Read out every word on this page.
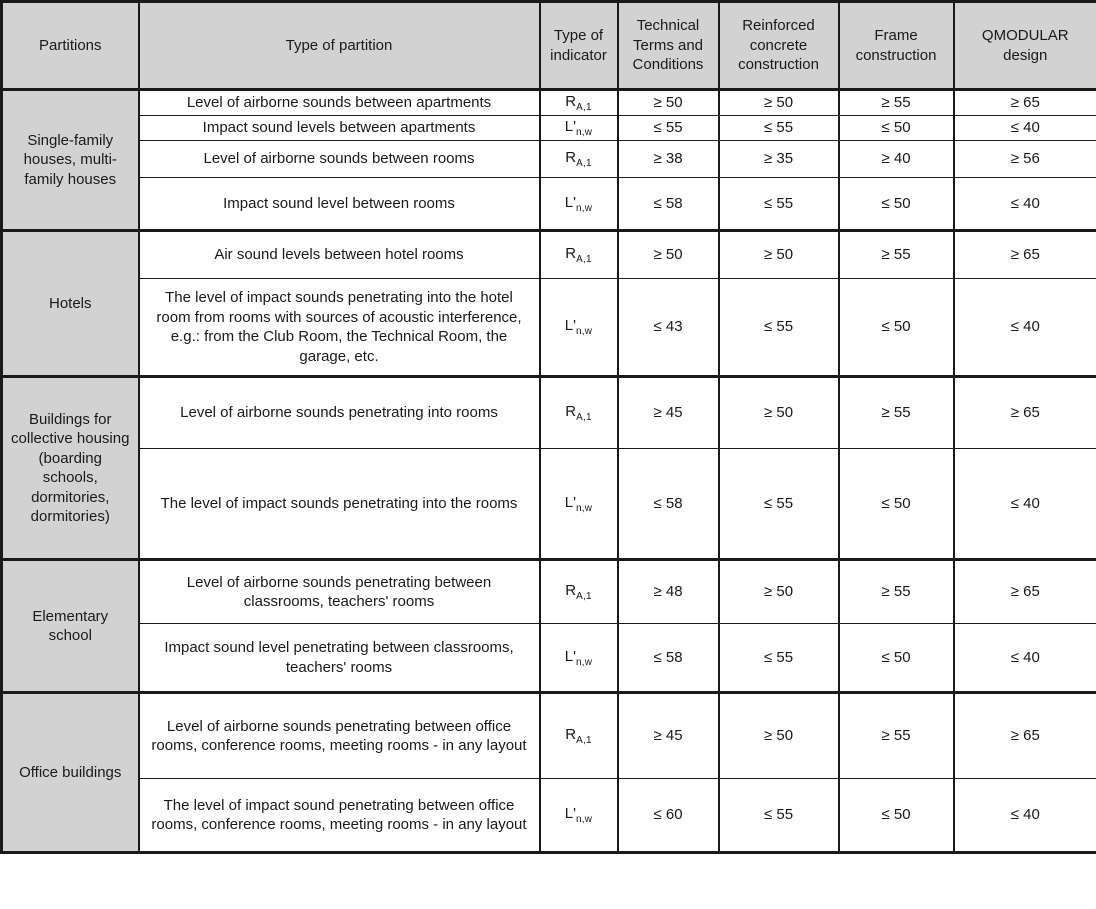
Partitions	Type of partition	Type of indicator	Technical Terms and Conditions	Reinforced concrete construction	Frame construction	QMODULAR design
Single-family houses, multi-family houses	Level of airborne sounds between apartments	$R_{A,1}$	≥ 50	≥ 50	≥ 55	≥ 65
	Impact sound levels between apartments	$L'_{n,w}$	≤ 55	≤ 55	≤ 50	≤ 40
	Level of airborne sounds between rooms	$R_{A,1}$	≥ 38	≥ 35	≥ 40	≥ 56
	Impact sound level between rooms	$L'_{n,w}$	≤ 58	≤ 55	≤ 50	≤ 40
Hotels	Air sound levels between hotel rooms	$R_{A,1}$	≥ 50	≥ 50	≥ 55	≥ 65
	The level of impact sounds penetrating into the hotel room from rooms with sources of acoustic interference, e.g.: from the Club Room, the Technical Room, the garage, etc.	$L'_{n,w}$	≤ 43	≤ 55	≤ 50	≤ 40
Buildings for collective housing (boarding schools, dormitories, dormitories)	Level of airborne sounds penetrating into rooms	$R_{A,1}$	≥ 45	≥ 50	≥ 55	≥ 65
	The level of impact sounds penetrating into the rooms	$L'_{n,w}$	≤ 58	≤ 55	≤ 50	≤ 40
Elementary school	Level of airborne sounds penetrating between classrooms, teachers' rooms	$R_{A,1}$	≥ 48	≥ 50	≥ 55	≥ 65
	Impact sound level penetrating between classrooms, teachers' rooms	$L'_{n,w}$	≤ 58	≤ 55	≤ 50	≤ 40
Office buildings	Level of airborne sounds penetrating between office rooms, conference rooms, meeting rooms - in any layout	$R_{A,1}$	≥ 45	≥ 50	≥ 55	≥ 65
	The level of impact sound penetrating between office rooms, conference rooms, meeting rooms - in any layout	$L'_{n,w}$	≤ 60	≤ 55	≤ 50	≤ 40
